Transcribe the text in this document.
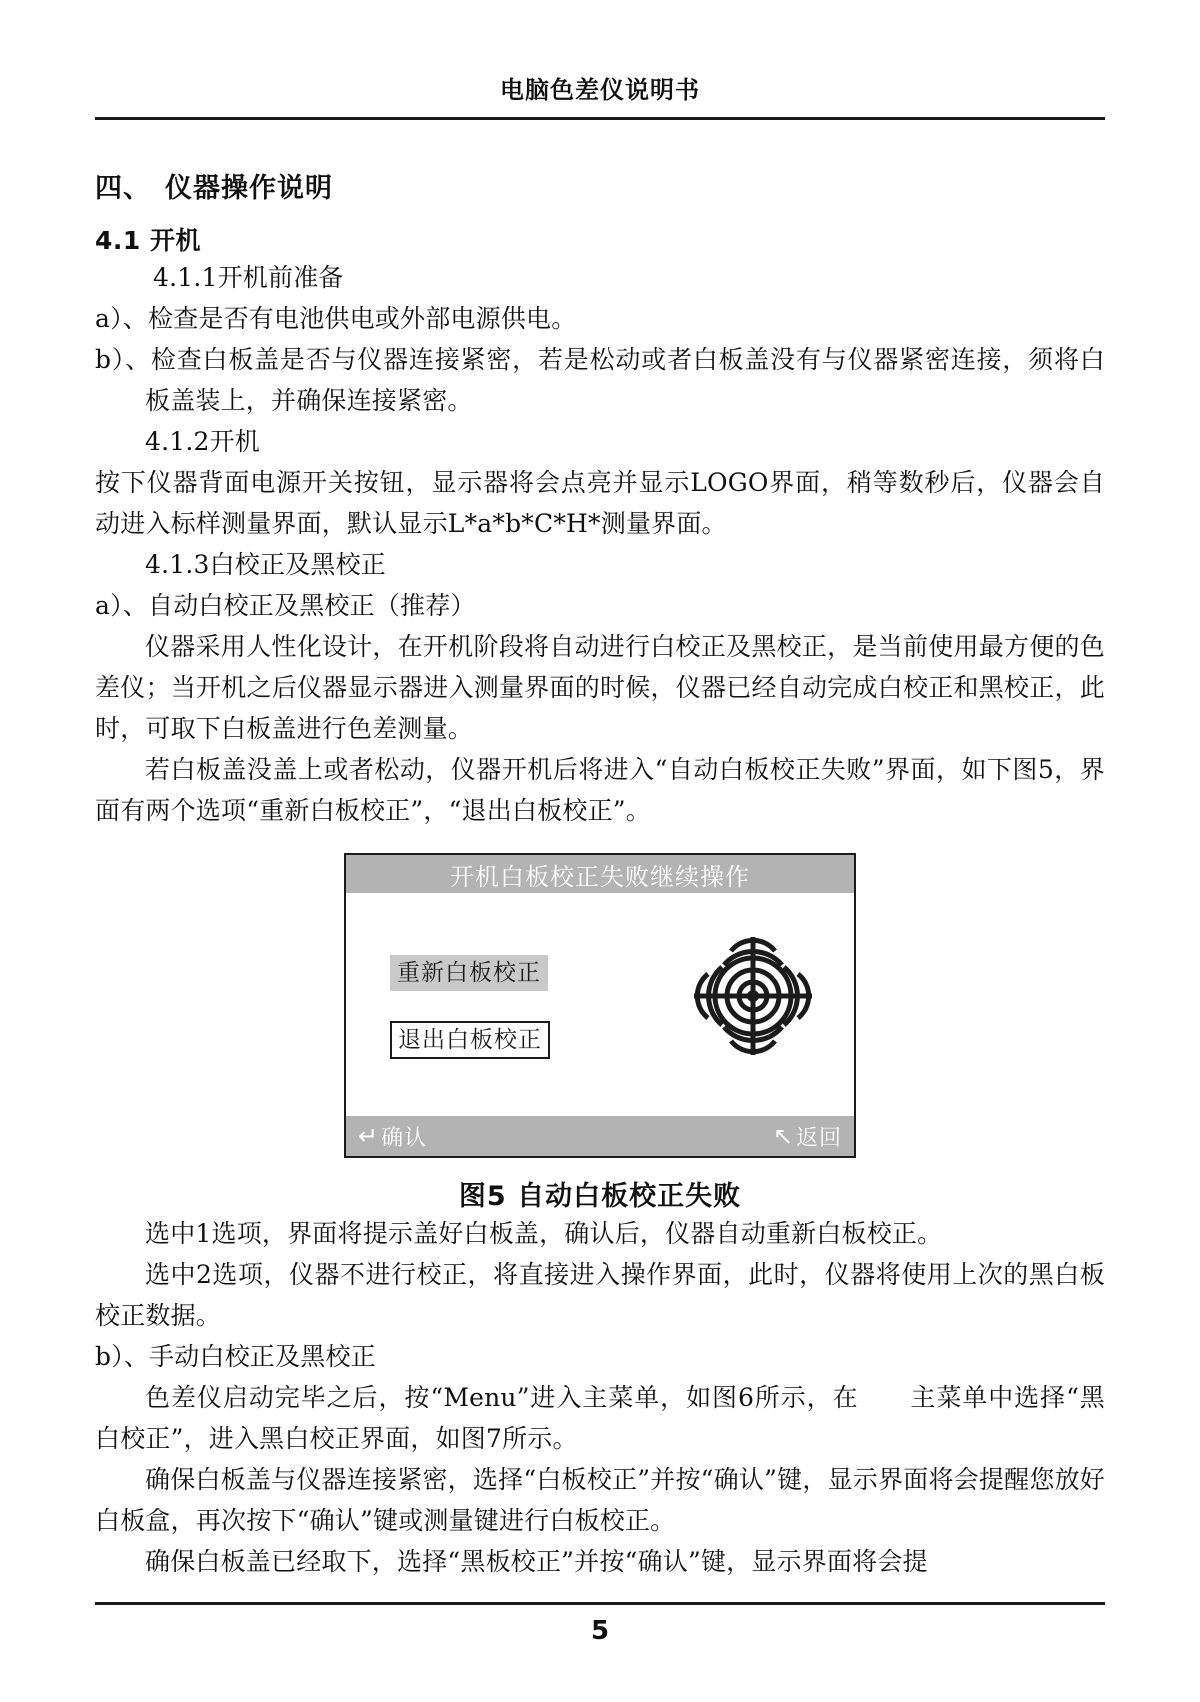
电脑色差仪说明书
四、 仪器操作说明
4.1 开机

4.1.1开机前准备

a）、检查是否有电池供电或外部电源供电。

b）、检查白板盖是否与仪器连接紧密，若是松动或者白板盖没有与仪器紧密连接，须将白板盖装上，并确保连接紧密。

4.1.2开机

按下仪器背面电源开关按钮，显示器将会点亮并显示LOGO界面，稍等数秒后，仪器会自动进入标样测量界面，默认显示L*a*b*C*H*测量界面。

4.1.3白校正及黑校正

a）、自动白校正及黑校正（推荐）

仪器采用人性化设计，在开机阶段将自动进行白校正及黑校正，是当前使用最方便的色差仪；当开机之后仪器显示器进入测量界面的时候，仪器已经自动完成白校正和黑校正，此时，可取下白板盖进行色差测量。

若白板盖没盖上或者松动，仪器开机后将进入“自动白板校正失败”界面，如下图5，界面有两个选项“重新白板校正”，“退出白板校正”。

开机白板校正失败继续操作
重新白板校正
退出白板校正
↵ 确认	↖ 返回
图5 自动白板校正失败

选中1选项，界面将提示盖好白板盖，确认后，仪器自动重新白板校正。

选中2选项，仪器不进行校正，将直接进入操作界面，此时，仪器将使用上次的黑白板校正数据。

b）、手动白校正及黑校正

色差仪启动完毕之后，按“Menu”进入主菜单，如图6所示，在　　主菜单中选择“黑白校正”，进入黑白校正界面，如图7所示。

确保白板盖与仪器连接紧密，选择“白板校正”并按“确认”键，显示界面将会提醒您放好白板盒，再次按下“确认”键或测量键进行白板校正。

确保白板盖已经取下，选择“黑板校正”并按“确认”键，显示界面将会提

5
